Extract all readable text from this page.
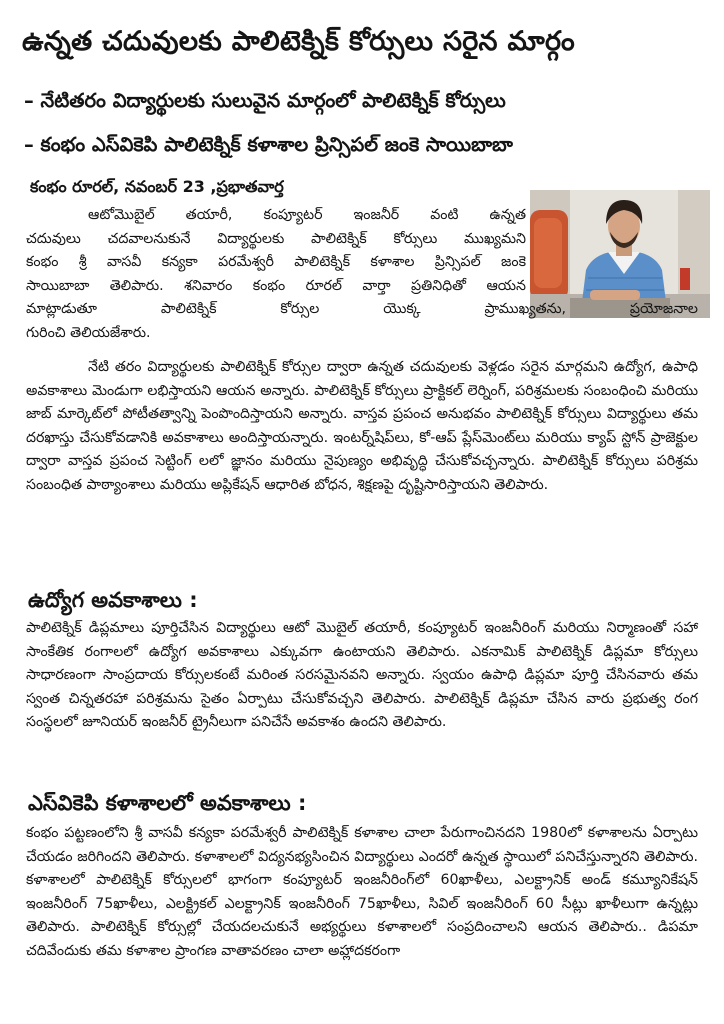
ఉన్నత చదువులకు పాలిటెక్నిక్ కోర్సులు సరైన మార్గం
– నేటితరం విద్యార్థులకు సులువైన మార్గంలో పాలిటెక్నిక్ కోర్సులు
– కంభం ఎస్‌వికెపి పాలిటెక్నిక్ కళాశాల ప్రిన్సిపల్ జంకె సాయిబాబా
కంభం రూరల్, నవంబర్ 23 ,ప్రభాతవార్త
ఆటోమొబైల్ తయారీ, కంప్యూటర్ ఇంజనీర్ వంటి ఉన్నత
చదువులు చదవాలనుకునే విద్యార్థులకు పాలిటెక్నిక్ కోర్సులు ముఖ్యమని
కంభం శ్రీ వాసవీ కన్యకా పరమేశ్వరీ పాలిటెక్నిక్ కళాశాల ప్రిన్సిపల్ జంకె
సాయిబాబా తెలిపారు. శనివారం కంభం రూరల్ వార్తా ప్రతినిధితో ఆయన
మాట్లాడుతూ పాలిటెక్నిక్ కోర్సుల యొక్క ప్రాముఖ్యతను, ప్రయోజనాల
గురించి తెలియజేశారు.
నేటి తరం విద్యార్థులకు పాలిటెక్నిక్ కోర్సుల ద్వారా ఉన్నత చదువులకు వెళ్లడం సరైన మార్గమని ఉద్యోగ, ఉపాధి అవకాశాలు మెండుగా లభిస్తాయని ఆయన అన్నారు. పాలిటెక్నిక్ కోర్సులు ప్రాక్టికల్ లెర్నింగ్, పరిశ్రమలకు సంబంధించి మరియు జాబ్ మార్కెట్‌లో పోటీతత్వాన్ని పెంపొందిస్తాయని అన్నారు. వాస్తవ ప్రపంచ అనుభవం పాలిటెక్నిక్ కోర్సులు విద్యార్థులు తమ దరఖాస్తు చేసుకోవడానికి అవకాశాలు అందిస్తాయన్నారు. ఇంటర్న్‌షిప్‌లు, కో-ఆప్ ప్లేస్‌మెంట్‌లు మరియు క్యాప్ స్టోన్ ప్రాజెక్టుల ద్వారా వాస్తవ ప్రపంచ సెట్టింగ్ లలో జ్ఞానం మరియు నైపుణ్యం అభివృద్ధి చేసుకోవచ్చన్నారు. పాలిటెక్నిక్ కోర్సులు పరిశ్రమ సంబంధిత పాఠ్యాంశాలు మరియు అప్లికేషన్ ఆధారిత బోధన, శిక్షణపై దృష్టిసారిస్తాయని తెలిపారు.
ఉద్యోగ అవకాశాలు :
పాలిటెక్నిక్ డిప్లమాలు పూర్తిచేసిన విద్యార్థులు ఆటో మొబైల్ తయారీ, కంప్యూటర్ ఇంజనీరింగ్ మరియు నిర్మాణంతో సహా సాంకేతిక రంగాలలో ఉద్యోగ అవకాశాలు ఎక్కువగా ఉంటాయని తెలిపారు. ఎకనామిక్ పాలిటెక్నిక్ డిప్లమా కోర్సులు సాధారణంగా సాంప్రదాయ కోర్సులకంటే మరింత సరసమైనవని అన్నారు. స్వయం ఉపాధి డిప్లమా పూర్తి చేసినవారు తమ స్వంత చిన్నతరహా పరిశ్రమను సైతం ఏర్పాటు చేసుకోవచ్చని తెలిపారు. పాలిటెక్నిక్ డిప్లమా చేసిన వారు ప్రభుత్వ రంగ సంస్థలలో జూనియర్ ఇంజనీర్ ట్రైనీలుగా పనిచేసే అవకాశం ఉందని తెలిపారు.
ఎస్‌వికెపి కళాశాలలో అవకాశాలు :
కంభం పట్టణంలోని శ్రీ వాసవీ కన్యకా పరమేశ్వరీ పాలిటెక్నిక్ కళాశాల చాలా పేరుగాంచినదని 1980లో కళాశాలను ఏర్పాటు చేయడం జరిగిందని తెలిపారు. కళాశాలలో విద్యనభ్యసించిన విద్యార్థులు ఎందరో ఉన్నత స్థాయిలో పనిచేస్తున్నారని తెలిపారు. కళాశాలలో పాలిటెక్నిక్ కోర్సులలో భాగంగా కంప్యూటర్ ఇంజనీరింగ్‌లో 60ఖాళీలు, ఎలక్ట్రానిక్ అండ్ కమ్యూనికేషన్ ఇంజనీరింగ్ 75ఖాళీలు, ఎలక్ట్రికల్ ఎలక్ట్రానిక్ ఇంజనీరింగ్ 75ఖాళీలు, సివిల్ ఇంజనీరింగ్ 60 సీట్లు ఖాళీలుగా ఉన్నట్లు తెలిపారు. పాలిటెక్నిక్ కోర్సుల్లో చేయదలచుకునే అభ్యర్థులు కళాశాలలో సంప్రదించాలని ఆయన తెలిపారు.. డిపమా చదివేందుకు తమ కళాశాల ప్రాంగణ వాతావరణం చాలా అహ్లాదకరంగా
